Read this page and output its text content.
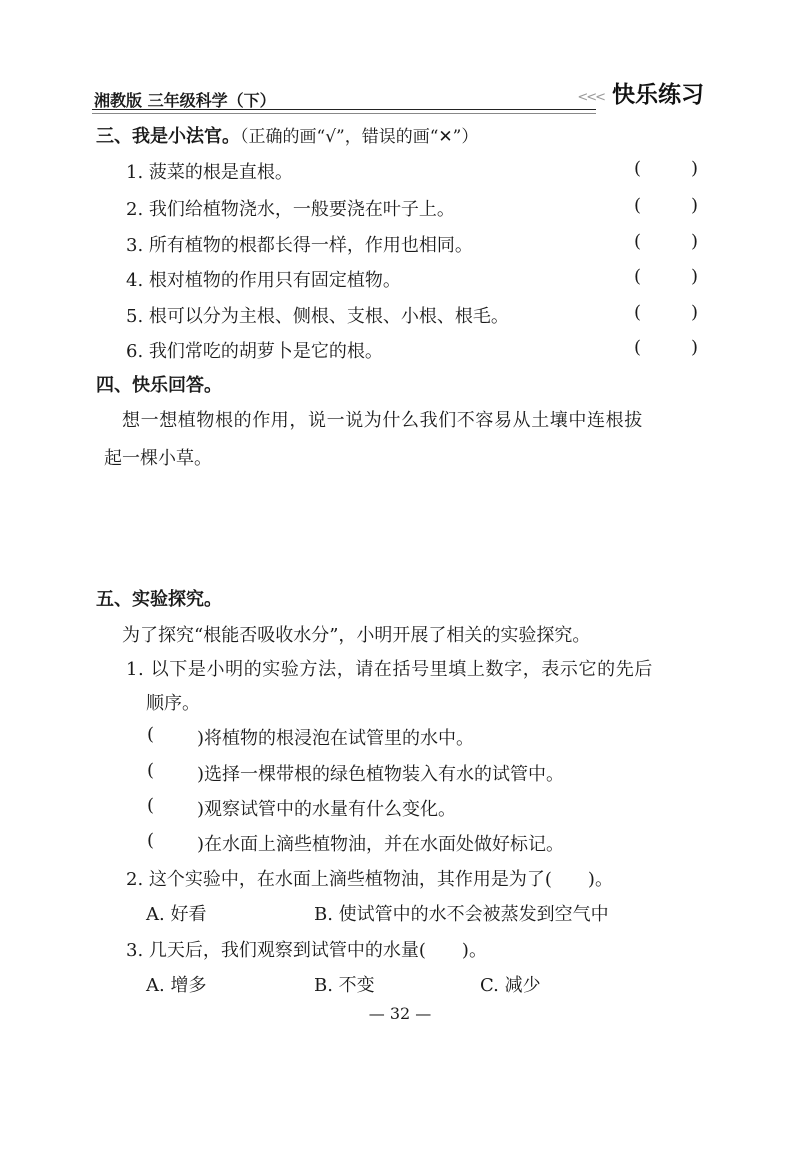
湘教版 三年级科学（下）	<<< 快乐练习
三、我是小法官。（正确的画“√”，错误的画“✕”）
1. 菠菜的根是直根。	(	)
2. 我们给植物浇水，一般要浇在叶子上。	(	)
3. 所有植物的根都长得一样，作用也相同。	(	)
4. 根对植物的作用只有固定植物。	(	)
5. 根可以分为主根、侧根、支根、小根、根毛。	(	)
6. 我们常吃的胡萝卜是它的根。	(	)
四、快乐回答。
想一想植物根的作用，说一说为什么我们不容易从土壤中连根拔
起一棵小草。
五、实验探究。
为了探究“根能否吸收水分”，小明开展了相关的实验探究。
1. 以下是小明的实验方法，请在括号里填上数字，表示它的先后
顺序。
( )将植物的根浸泡在试管里的水中。
( )选择一棵带根的绿色植物装入有水的试管中。
( )观察试管中的水量有什么变化。
( )在水面上滴些植物油，并在水面处做好标记。
2. 这个实验中，在水面上滴些植物油，其作用是为了(　　)。
A. 好看	B. 使试管中的水不会被蒸发到空气中
3. 几天后，我们观察到试管中的水量(　　)。
A. 增多	B. 不变	C. 减少
— 32 —
